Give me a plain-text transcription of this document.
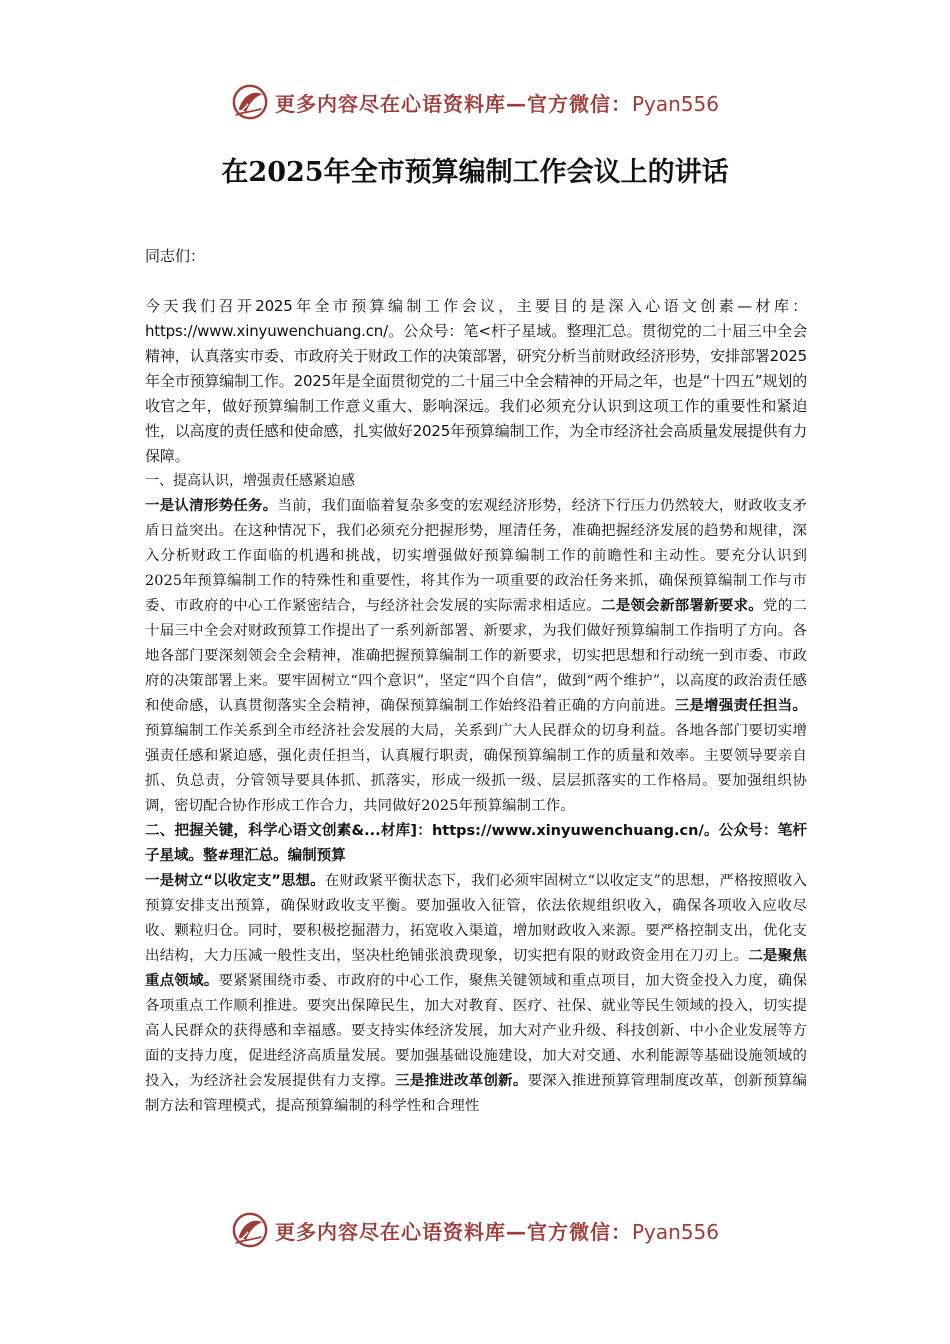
更多内容尽在心语资料库—官方微信：Pyan556
在2025年全市预算编制工作会议上的讲话

同志们：

今天我们召开2025年全市预算编制工作会议，主要目的是深入心语文创素—材库：https://www.xinyuwenchuang.cn/。公众号：笔<杆子星域。整理汇总。贯彻党的二十届三中全会精神，认真落实市委、市政府关于财政工作的决策部署，研究分析当前财政经济形势，安排部署2025年全市预算编制工作。2025年是全面贯彻党的二十届三中全会精神的开局之年，也是“十四五”规划的收官之年，做好预算编制工作意义重大、影响深远。我们必须充分认识到这项工作的重要性和紧迫性，以高度的责任感和使命感，扎实做好2025年预算编制工作，为全市经济社会高质量发展提供有力保障。

一、提高认识，增强责任感紧迫感

一是认清形势任务。当前，我们面临着复杂多变的宏观经济形势，经济下行压力仍然较大，财政收支矛盾日益突出。在这种情况下，我们必须充分把握形势，厘清任务，准确把握经济发展的趋势和规律，深入分析财政工作面临的机遇和挑战，切实增强做好预算编制工作的前瞻性和主动性。要充分认识到2025年预算编制工作的特殊性和重要性，将其作为一项重要的政治任务来抓，确保预算编制工作与市委、市政府的中心工作紧密结合，与经济社会发展的实际需求相适应。二是领会新部署新要求。党的二十届三中全会对财政预算工作提出了一系列新部署、新要求，为我们做好预算编制工作指明了方向。各地各部门要深刻领会全会精神，准确把握预算编制工作的新要求，切实把思想和行动统一到市委、市政府的决策部署上来。要牢固树立“四个意识”，坚定“四个自信”，做到“两个维护”，以高度的政治责任感和使命感，认真贯彻落实全会精神，确保预算编制工作始终沿着正确的方向前进。三是增强责任担当。预算编制工作关系到全市经济社会发展的大局，关系到广大人民群众的切身利益。各地各部门要切实增强责任感和紧迫感，强化责任担当，认真履行职责，确保预算编制工作的质量和效率。主要领导要亲自抓、负总责，分管领导要具体抓、抓落实，形成一级抓一级、层层抓落实的工作格局。要加强组织协调，密切配合协作形成工作合力，共同做好2025年预算编制工作。

二、把握关键，科学心语文创素&...材库]：https://www.xinyuwenchuang.cn/。公众号：笔杆子星域。整#理汇总。编制预算

一是树立“以收定支”思想。在财政紧平衡状态下，我们必须牢固树立“以收定支”的思想，严格按照收入预算安排支出预算，确保财政收支平衡。要加强收入征管，依法依规组织收入，确保各项收入应收尽收、颗粒归仓。同时，要积极挖掘潜力，拓宽收入渠道，增加财政收入来源。要严格控制支出，优化支出结构，大力压减一般性支出，坚决杜绝铺张浪费现象，切实把有限的财政资金用在刀刃上。二是聚焦重点领域。要紧紧围绕市委、市政府的中心工作，聚焦关键领域和重点项目，加大资金投入力度，确保各项重点工作顺利推进。要突出保障民生，加大对教育、医疗、社保、就业等民生领域的投入，切实提高人民群众的获得感和幸福感。要支持实体经济发展，加大对产业升级、科技创新、中小企业发展等方面的支持力度，促进经济高质量发展。要加强基础设施建设，加大对交通、水利能源等基础设施领域的投入，为经济社会发展提供有力支撑。三是推进改革创新。要深入推进预算管理制度改革，创新预算编制方法和管理模式，提高预算编制的科学性和合理性

更多内容尽在心语资料库—官方微信：Pyan556
